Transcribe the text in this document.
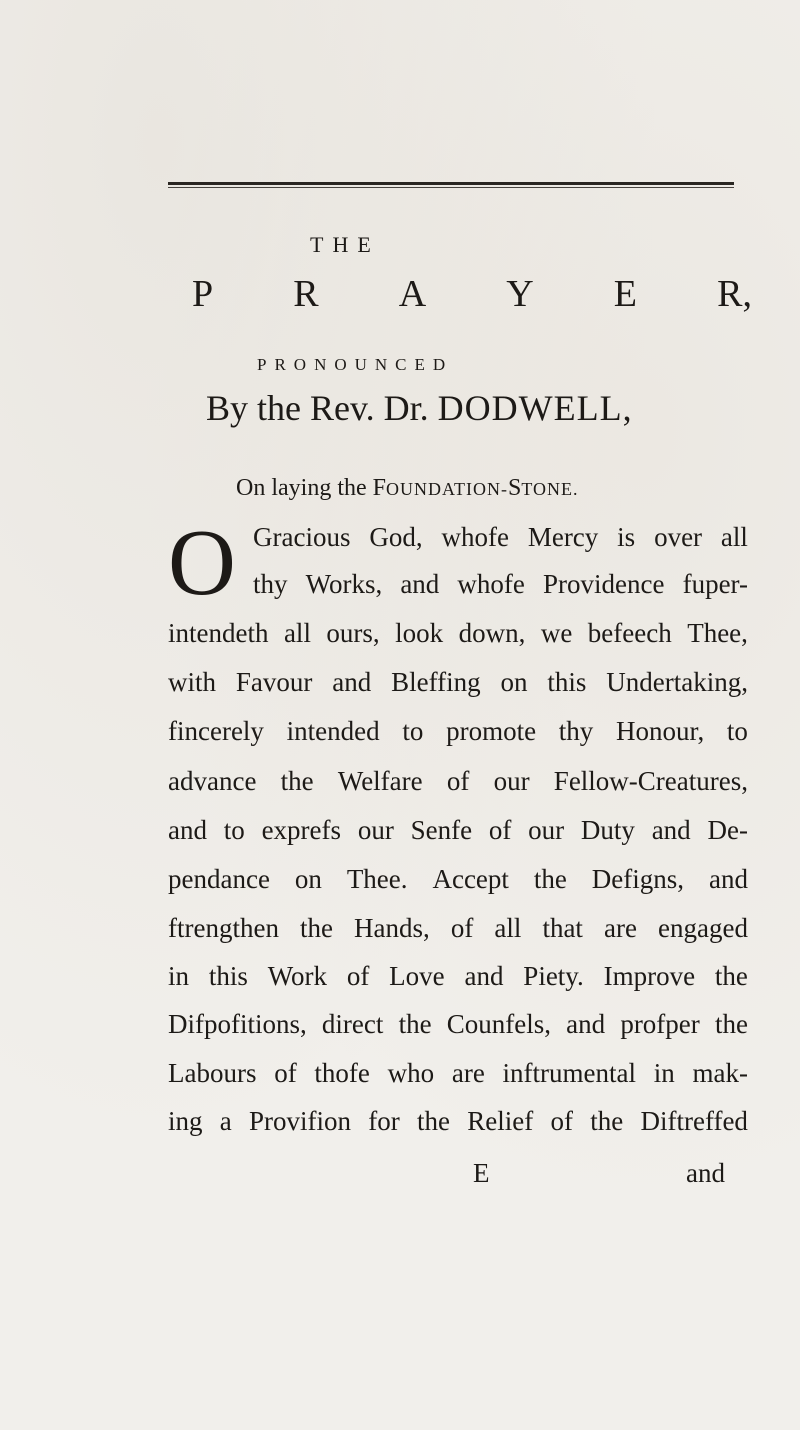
THE
P R A Y E R,
PRONOUNCED
By the Rev. Dr. DODWELL,
On laying the FOUNDATION-STONE.
O Gracious God, whofe Mercy is over all
thy Works, and whofe Providence fuper-
intendeth all ours, look down, we befeech Thee,
with Favour and Bleffing on this Undertaking,
fincerely intended to promote thy Honour, to
advance the Welfare of our Fellow-Creatures,
and to exprefs our Senfe of our Duty and De-
pendance on Thee. Accept the Defigns, and
ftrengthen the Hands, of all that are engaged
in this Work of Love and Piety. Improve the
Difpofitions, direct the Counfels, and profper the
Labours of thofe who are inftrumental in mak-
ing a Provifion for the Relief of the Diftreffed
E	and
